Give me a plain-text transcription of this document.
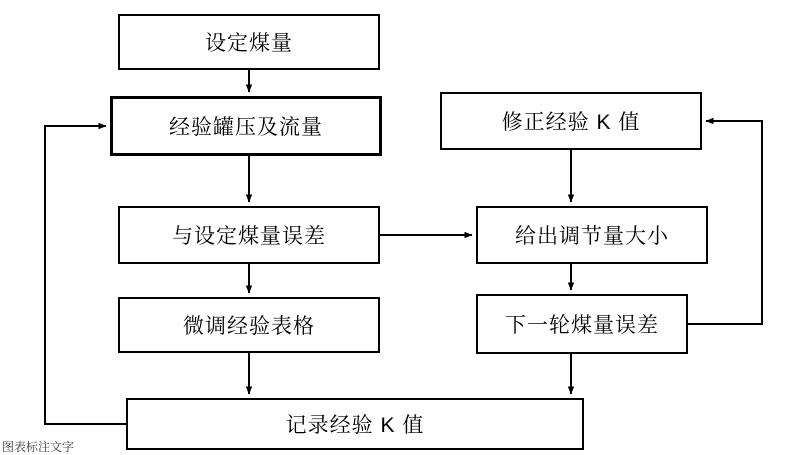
设定煤量
经验罐压及流量	修正经验 K 值
与设定煤量误差	给出调节量大小
微调经验表格	下一轮煤量误差
记录经验 K 值
图表标注文字
